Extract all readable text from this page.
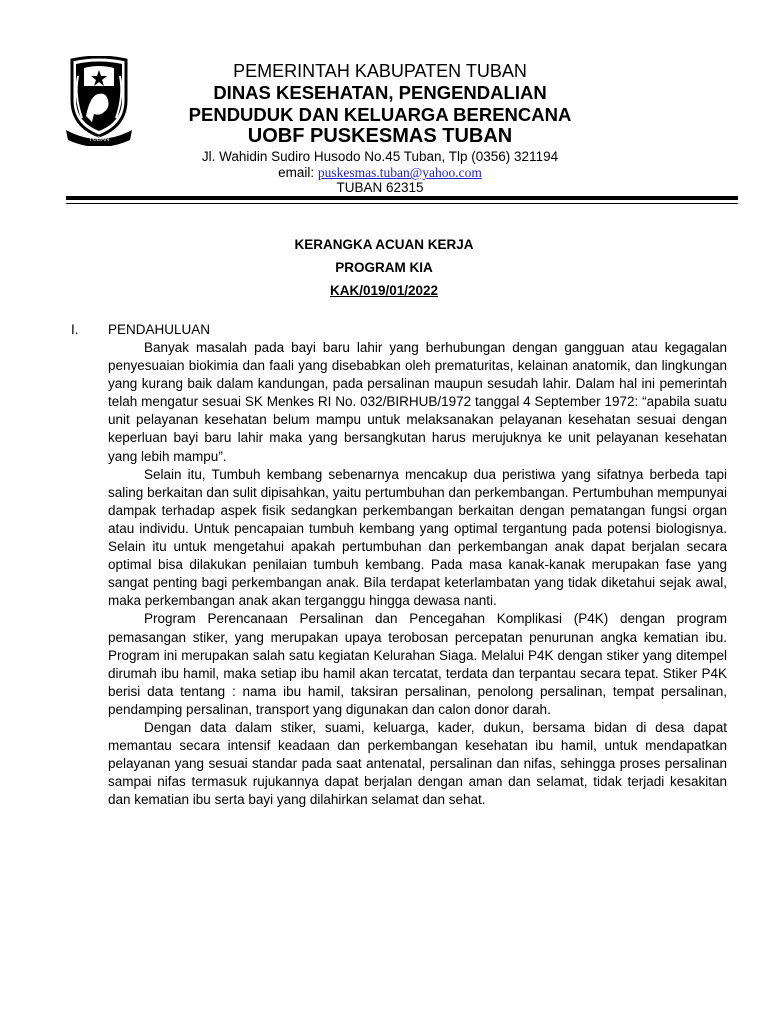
TUBAN
PEMERINTAH KABUPATEN TUBAN
DINAS KESEHATAN, PENGENDALIAN
PENDUDUK DAN KELUARGA BERENCANA
UOBF PUSKESMAS TUBAN
Jl. Wahidin Sudiro Husodo No.45 Tuban, Tlp (0356) 321194
email: puskesmas.tuban@yahoo.com
TUBAN 62315
KERANGKA ACUAN KERJA
PROGRAM KIA
KAK/019/01/2022
I.	PENDAHULUAN

Banyak masalah pada bayi baru lahir yang berhubungan dengan gangguan atau kegagalan penyesuaian biokimia dan faali yang disebabkan oleh prematuritas, kelainan anatomik, dan lingkungan yang kurang baik dalam kandungan, pada persalinan maupun sesudah lahir. Dalam hal ini pemerintah telah mengatur sesuai SK Menkes RI No. 032/BIRHUB/1972 tanggal 4 September 1972: “apabila suatu unit pelayanan kesehatan belum mampu untuk melaksanakan pelayanan kesehatan sesuai dengan keperluan bayi baru lahir maka yang bersangkutan harus merujuknya ke unit pelayanan kesehatan yang lebih mampu”.

Selain itu, Tumbuh kembang sebenarnya mencakup dua peristiwa yang sifatnya berbeda tapi saling berkaitan dan sulit dipisahkan, yaitu pertumbuhan dan perkembangan. Pertumbuhan mempunyai dampak terhadap aspek fisik sedangkan perkembangan berkaitan dengan pematangan fungsi organ atau individu. Untuk pencapaian tumbuh kembang yang optimal tergantung pada potensi biologisnya. Selain itu untuk mengetahui apakah pertumbuhan dan perkembangan anak dapat berjalan secara optimal bisa dilakukan penilaian tumbuh kembang. Pada masa kanak-kanak merupakan fase yang sangat penting bagi perkembangan anak. Bila terdapat keterlambatan yang tidak diketahui sejak awal, maka perkembangan anak akan terganggu hingga dewasa nanti.

Program Perencanaan Persalinan dan Pencegahan Komplikasi (P4K) dengan program pemasangan stiker, yang merupakan upaya terobosan percepatan penurunan angka kematian ibu. Program ini merupakan salah satu kegiatan Kelurahan Siaga. Melalui P4K dengan stiker yang ditempel dirumah ibu hamil, maka setiap ibu hamil akan tercatat, terdata dan terpantau secara tepat. Stiker P4K berisi data tentang : nama ibu hamil, taksiran persalinan, penolong persalinan, tempat persalinan, pendamping persalinan, transport yang digunakan dan calon donor darah.

Dengan data dalam stiker, suami, keluarga, kader, dukun, bersama bidan di desa dapat memantau secara intensif keadaan dan perkembangan kesehatan ibu hamil, untuk mendapatkan pelayanan yang sesuai standar pada saat antenatal, persalinan dan nifas, sehingga proses persalinan sampai nifas termasuk rujukannya dapat berjalan dengan aman dan selamat, tidak terjadi kesakitan dan kematian ibu serta bayi yang dilahirkan selamat dan sehat.
